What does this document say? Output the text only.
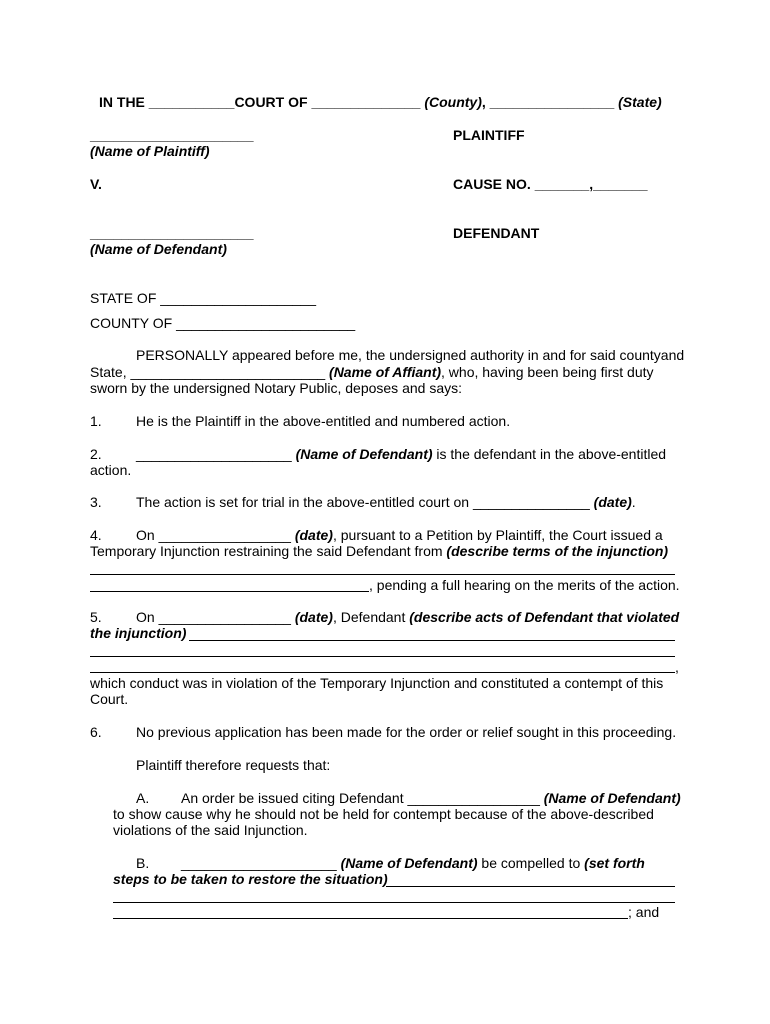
IN THE ___________COURT OF ______________ (County), ________________ (State)
_____________________
(Name of Plaintiff)
PLAINTIFF
V.	CAUSE NO. _______,_______
_____________________
(Name of Defendant)
DEFENDANT
STATE OF ____________________
COUNTY OF _______________________
PERSONALLY appeared before me, the undersigned authority in and for said countyand
State, _________________________ (Name of Affiant), who, having been being first duty
sworn by the undersigned Notary Public, deposes and says:
1. He is the Plaintiff in the above-entitled and numbered action.
2. ____________________ (Name of Defendant) is the defendant in the above-entitled
action.
3. The action is set for trial in the above-entitled court on _______________ (date).
4. On _________________ (date), pursuant to a Petition by Plaintiff, the Court issued a
Temporary Injunction restraining the said Defendant from (describe terms of the injunction)
, pending a full hearing on the merits of the action.
5. On _________________ (date), Defendant (describe acts of Defendant that violated
the injunction)
,
which conduct was in violation of the Temporary Injunction and constituted a contempt of this
Court.
6. No previous application has been made for the order or relief sought in this proceeding.
Plaintiff therefore requests that:
A. An order be issued citing Defendant _________________ (Name of Defendant)
to show cause why he should not be held for contempt because of the above-described
violations of the said Injunction.
B. ____________________ (Name of Defendant) be compelled to (set forth
steps to be taken to restore the situation)
; and
